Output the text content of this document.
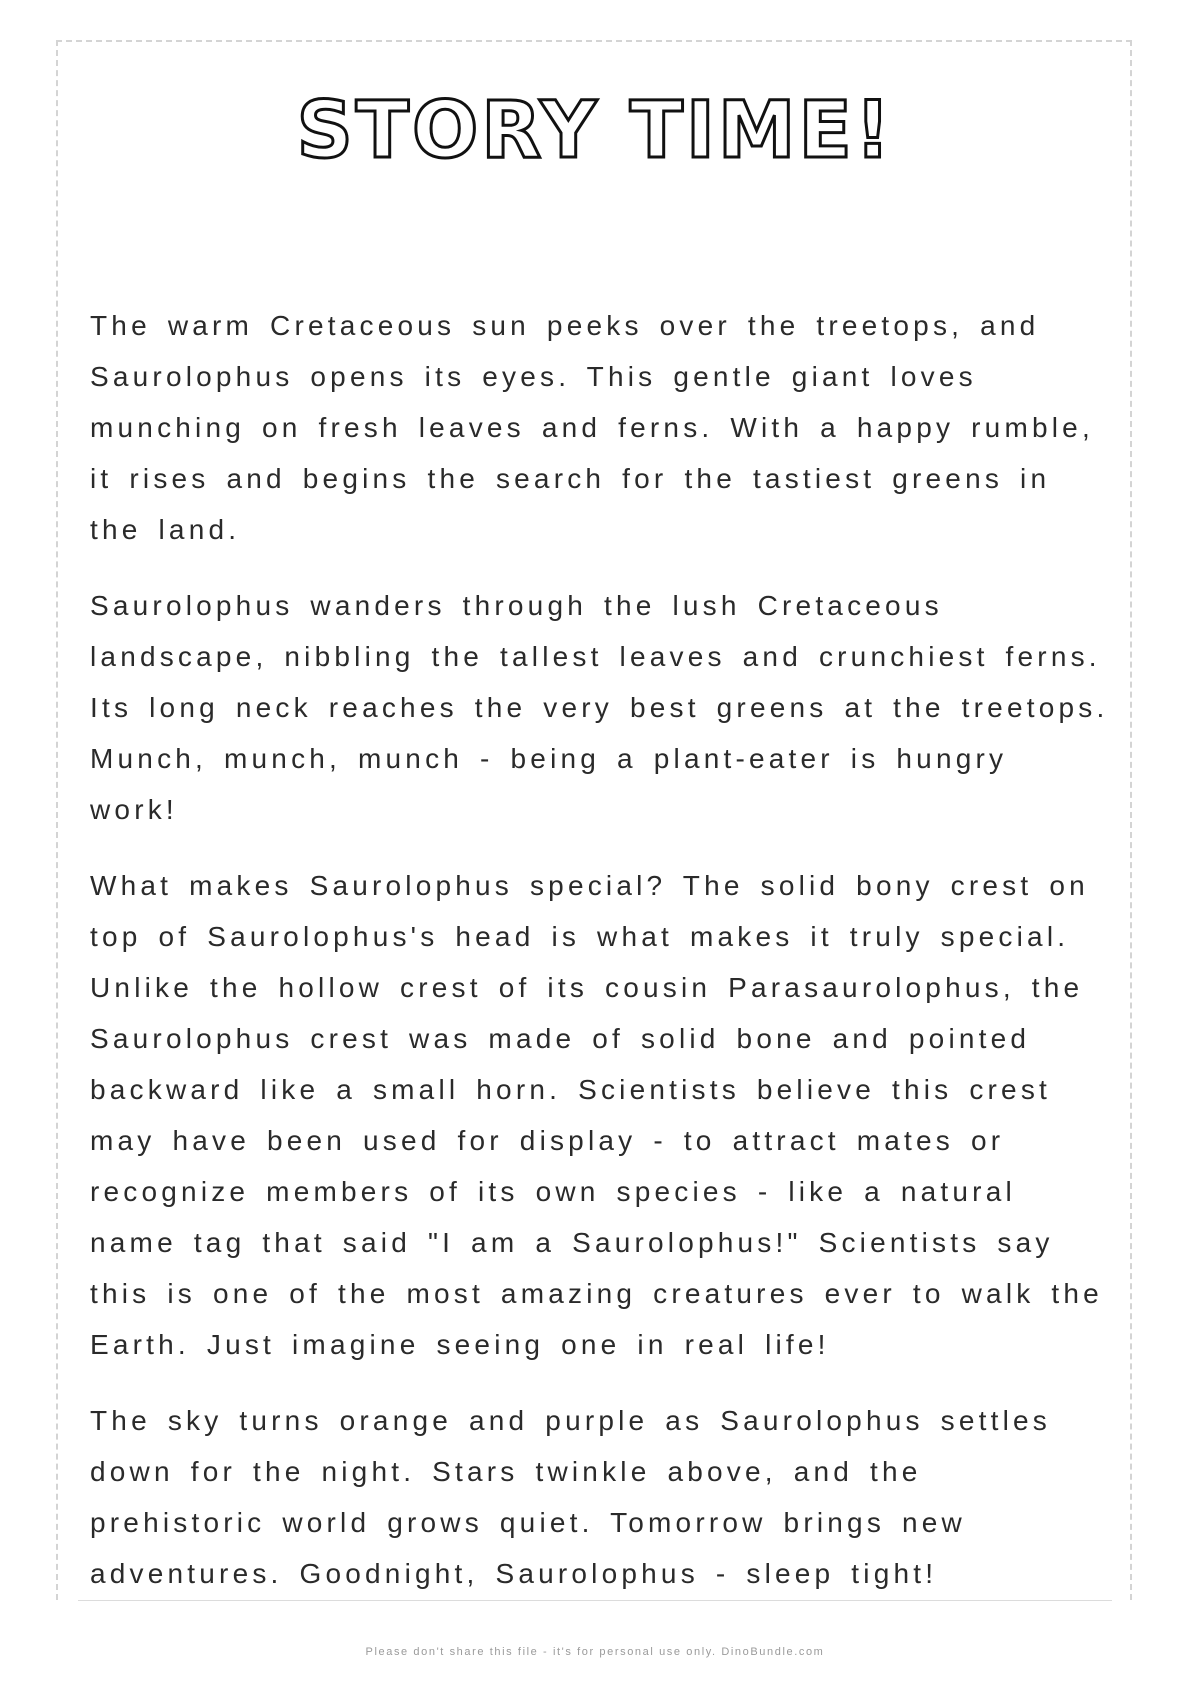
STORY TIME!

The warm Cretaceous sun peeks over the treetops, and Saurolophus opens its eyes. This gentle giant loves munching on fresh leaves and ferns. With a happy rumble, it rises and begins the search for the tastiest greens in the land.

Saurolophus wanders through the lush Cretaceous landscape, nibbling the tallest leaves and crunchiest ferns. Its long neck reaches the very best greens at the treetops. Munch, munch, munch - being a plant-eater is hungry work!

What makes Saurolophus special? The solid bony crest on top of Saurolophus's head is what makes it truly special. Unlike the hollow crest of its cousin Parasaurolophus, the Saurolophus crest was made of solid bone and pointed backward like a small horn. Scientists believe this crest may have been used for display - to attract mates or recognize members of its own species - like a natural name tag that said "I am a Saurolophus!" Scientists say this is one of the most amazing creatures ever to walk the Earth. Just imagine seeing one in real life!

The sky turns orange and purple as Saurolophus settles down for the night. Stars twinkle above, and the prehistoric world grows quiet. Tomorrow brings new adventures. Goodnight, Saurolophus - sleep tight!

Please don't share this file - it's for personal use only. DinoBundle.com
